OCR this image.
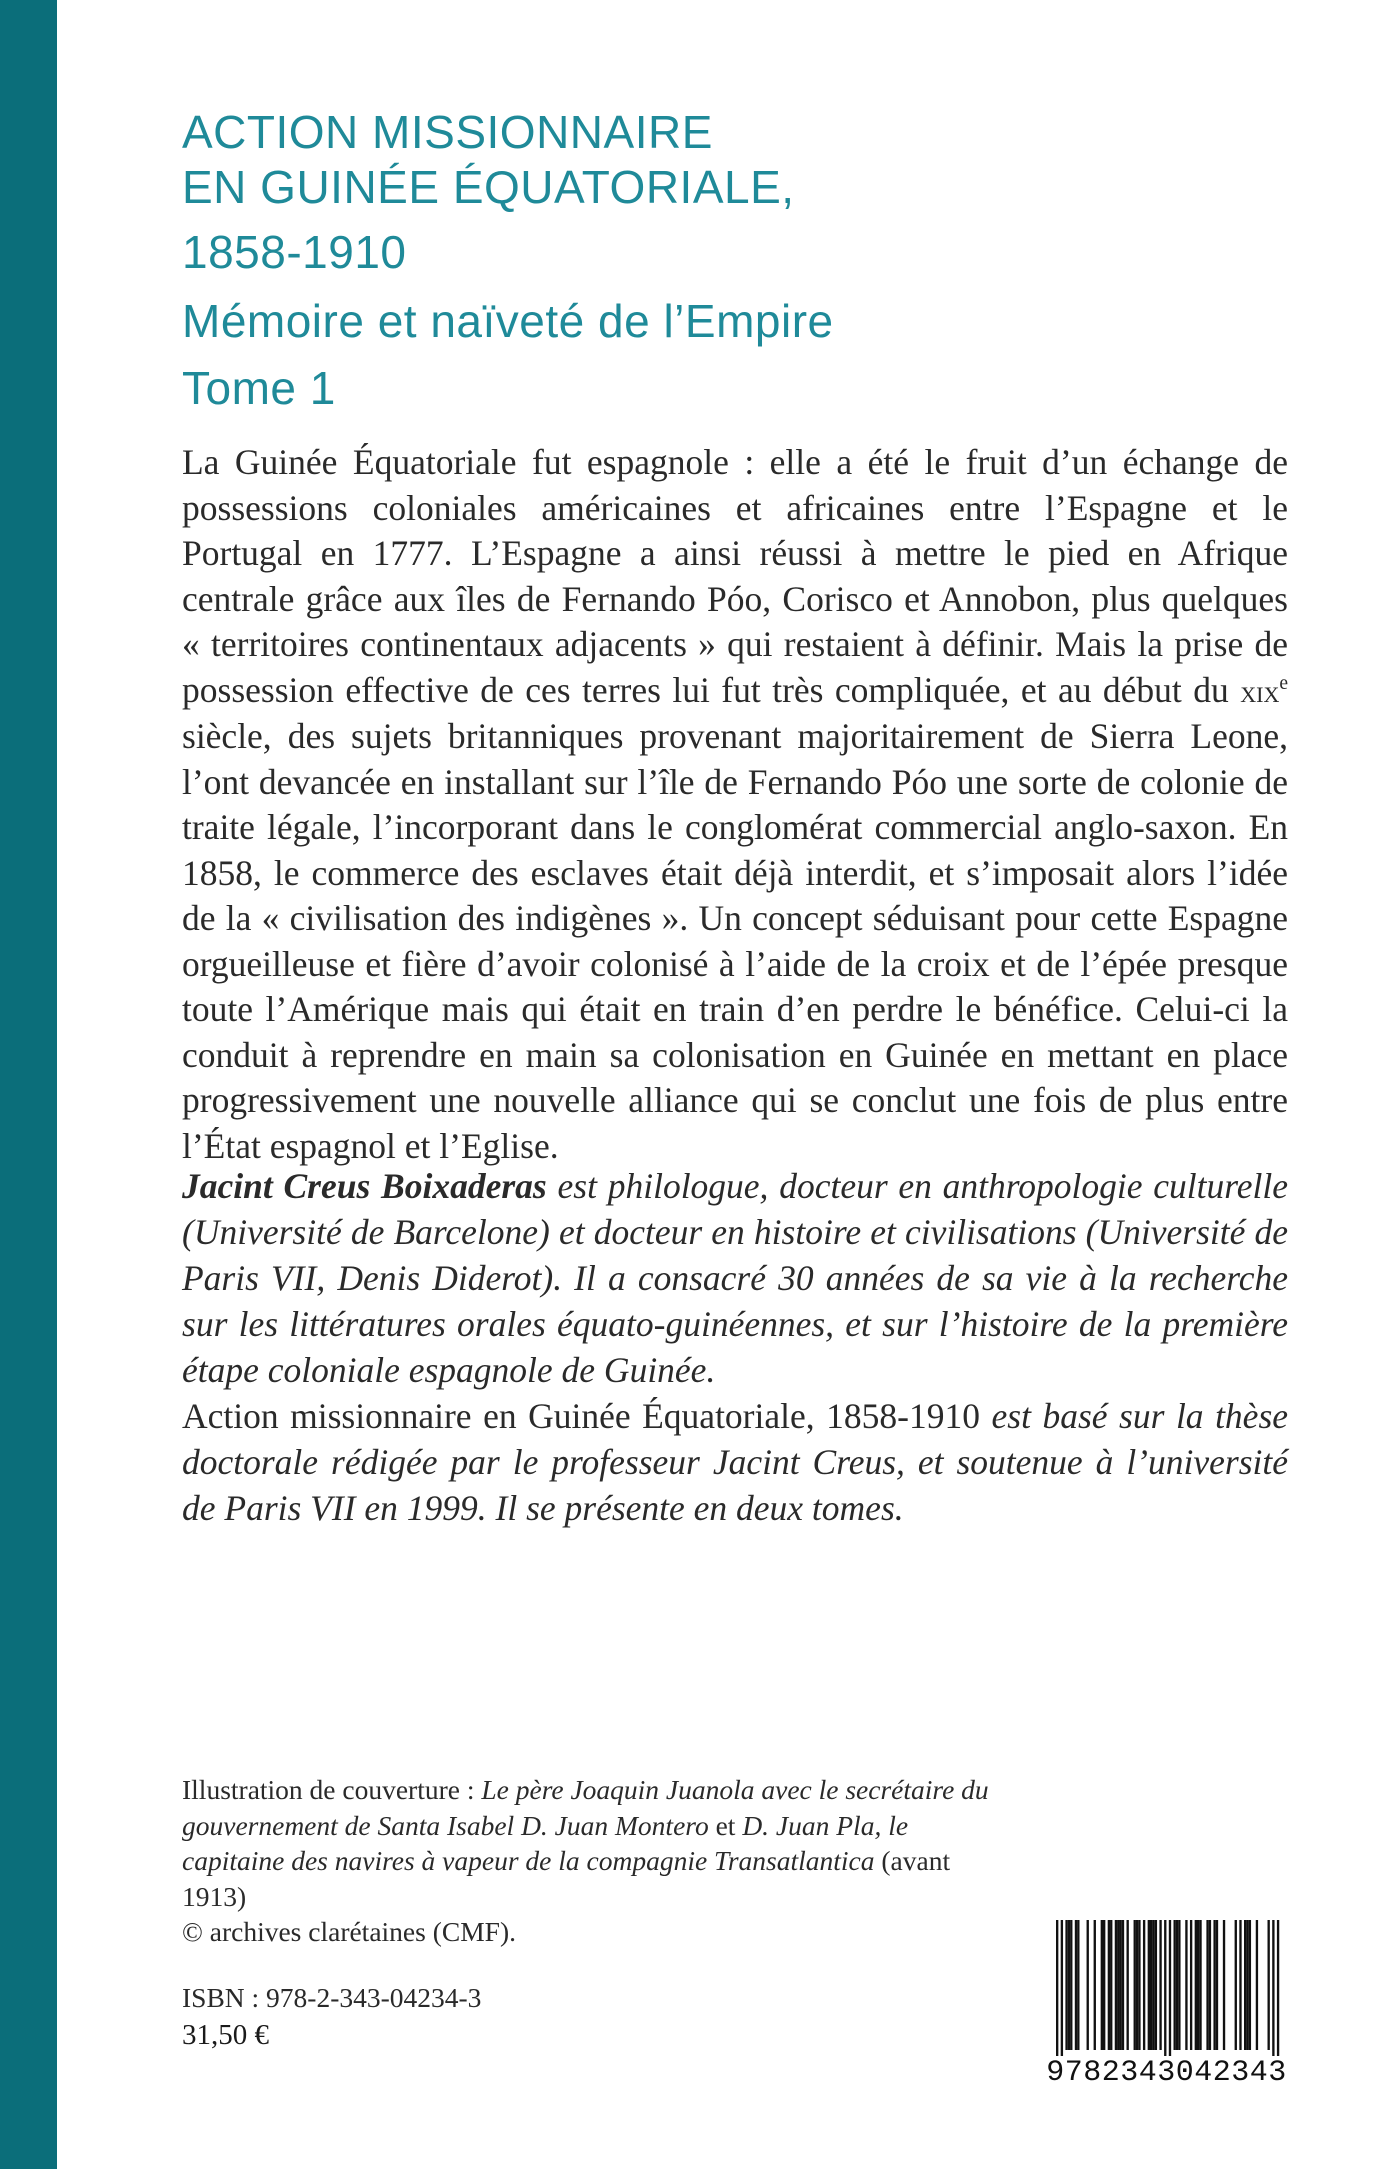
ACTION MISSIONNAIRE
EN GUINÉE ÉQUATORIALE,
1858-1910
Mémoire et naïveté de l’Empire
Tome 1

La Guinée Équatoriale fut espagnole : elle a été le fruit d’un échange de possessions coloniales américaines et africaines entre l’Espagne et le Portugal en 1777. L’Espagne a ainsi réussi à mettre le pied en Afrique centrale grâce aux îles de Fernando Póo, Corisco et Annobon, plus quelques « territoires continentaux adjacents » qui restaient à définir. Mais la prise de possession effective de ces terres lui fut très compliquée, et au début du xix$^e$ siècle, des sujets britanniques provenant majoritairement de Sierra Leone, l’ont devancée en installant sur l’île de Fernando Póo une sorte de colonie de traite légale, l’incorporant dans le conglomérat commercial anglo-saxon. En 1858, le commerce des esclaves était déjà interdit, et s’imposait alors l’idée de la « civilisation des indigènes ». Un concept séduisant pour cette Espagne orgueilleuse et fière d’avoir colonisé à l’aide de la croix et de l’épée presque toute l’Amérique mais qui était en train d’en perdre le bénéfice. Celui-ci la conduit à reprendre en main sa colonisation en Guinée en mettant en place progressivement une nouvelle alliance qui se conclut une fois de plus entre l’État espagnol et l’Eglise.

Jacint Creus Boixaderas est philologue, docteur en anthropologie culturelle (Université de Barcelone) et docteur en histoire et civilisations (Université de Paris VII, Denis Diderot). Il a consacré 30 années de sa vie à la recherche sur les littératures orales équato-guinéennes, et sur l’histoire de la première étape coloniale espagnole de Guinée.

Action missionnaire en Guinée Équatoriale, 1858-1910 est basé sur la thèse doctorale rédigée par le professeur Jacint Creus, et soutenue à l’université de Paris VII en 1999. Il se présente en deux tomes.

Illustration de couverture : Le père Joaquin Juanola avec le secrétaire du gouvernement de Santa Isabel D. Juan Montero et D. Juan Pla, le capitaine des navires à vapeur de la compagnie Transatlantica (avant 1913)
© archives clarétaines (CMF).
ISBN : 978-2-343-04234-3
31,50 €
9782343042343
